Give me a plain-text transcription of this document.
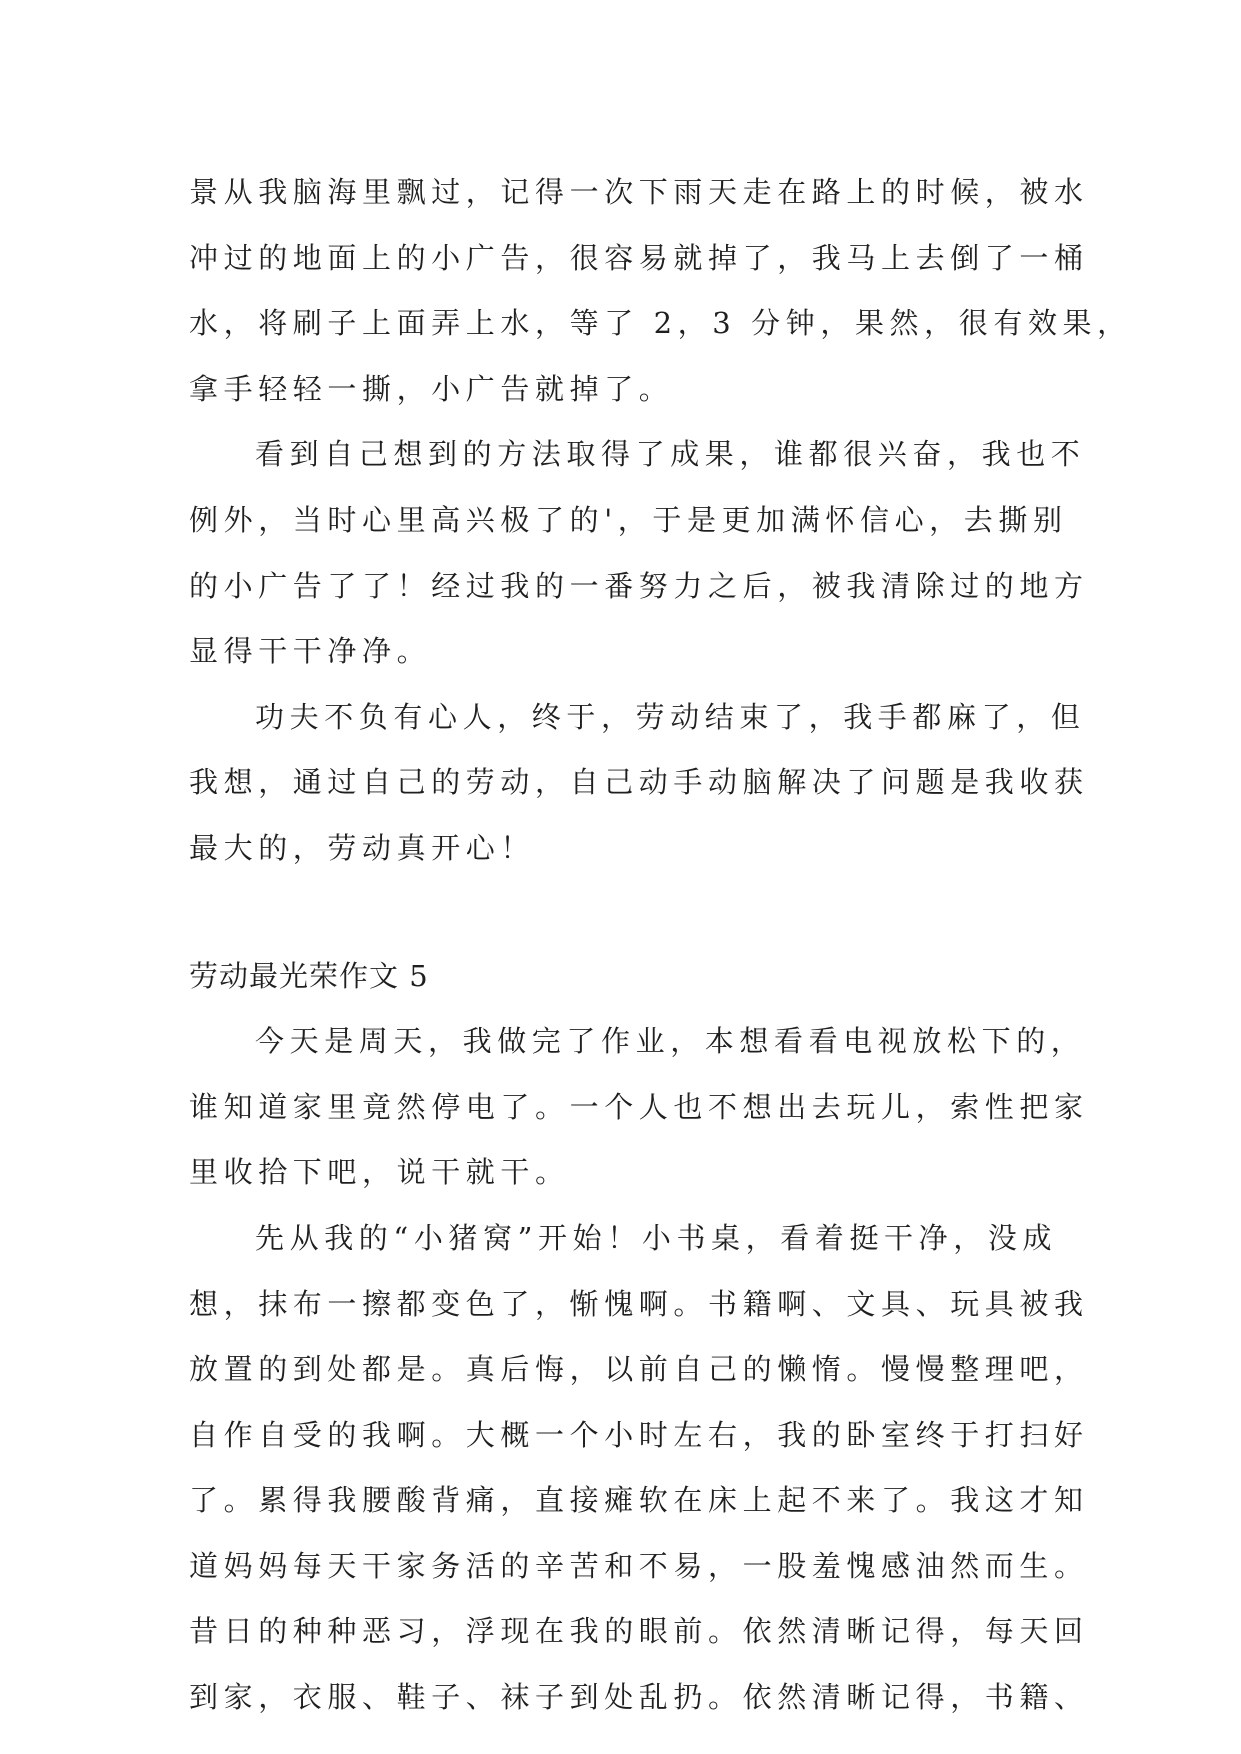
景从我脑海里飘过，记得一次下雨天走在路上的时候，被水
冲过的地面上的小广告，很容易就掉了，我马上去倒了一桶
水，将刷子上面弄上水，等了 2，3 分钟，果然，很有效果，
拿手轻轻一撕，小广告就掉了。
看到自己想到的方法取得了成果，谁都很兴奋，我也不
例外，当时心里高兴极了的'，于是更加满怀信心，去撕别
的小广告了了！经过我的一番努力之后，被我清除过的地方
显得干干净净。
功夫不负有心人，终于，劳动结束了，我手都麻了，但
我想，通过自己的劳动，自己动手动脑解决了问题是我收获
最大的，劳动真开心！
劳动最光荣作文 5
今天是周天，我做完了作业，本想看看电视放松下的，
谁知道家里竟然停电了。一个人也不想出去玩儿，索性把家
里收拾下吧，说干就干。
先从我的“小猪窝”开始！小书桌，看着挺干净，没成
想，抹布一擦都变色了，惭愧啊。书籍啊、文具、玩具被我
放置的到处都是。真后悔，以前自己的懒惰。慢慢整理吧，
自作自受的我啊。大概一个小时左右，我的卧室终于打扫好
了。累得我腰酸背痛，直接瘫软在床上起不来了。我这才知
道妈妈每天干家务活的辛苦和不易，一股羞愧感油然而生。
昔日的种种恶习，浮现在我的眼前。依然清晰记得，每天回
到家，衣服、鞋子、袜子到处乱扔。依然清晰记得，书籍、
